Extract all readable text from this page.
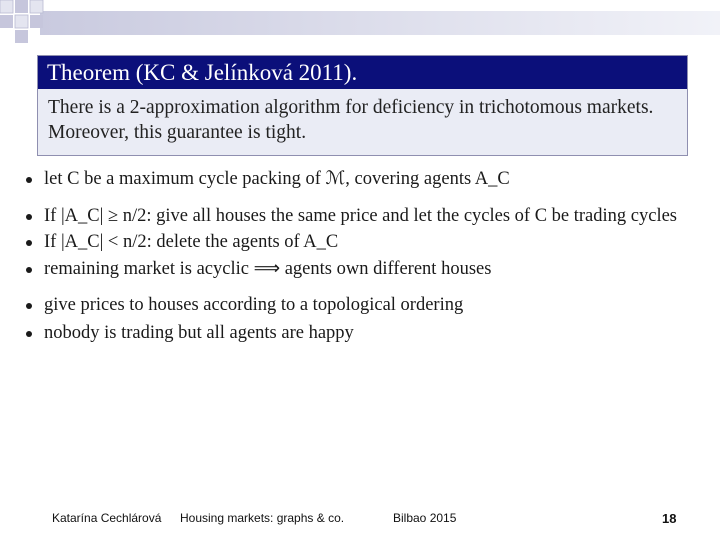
Theorem (KC & Jelínková 2011).
There is a 2-approximation algorithm for deficiency in trichotomous markets. Moreover, this guarantee is tight.
let C be a maximum cycle packing of ℳ, covering agents A_C
If |A_C| ≥ n/2: give all houses the same price and let the cycles of C be trading cycles
If |A_C| < n/2: delete the agents of A_C
remaining market is acyclic ⟹ agents own different houses
give prices to houses according to a topological ordering
nobody is trading but all agents are happy
Katarína Cechlárová Housing markets: graphs & co.	Bilbao 2015	18
